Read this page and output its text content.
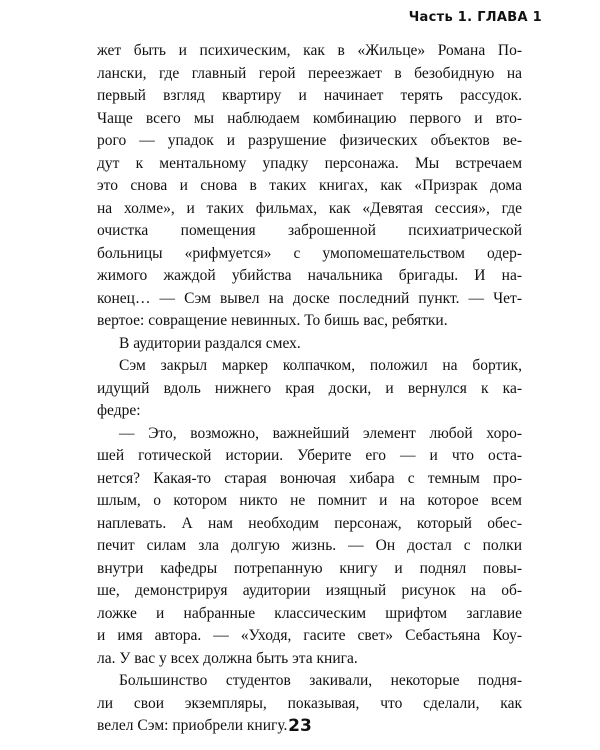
Часть 1. ГЛАВА 1
жет быть и психическим, как в «Жильце» Романа По-
лански, где главный герой переезжает в безобидную на
первый взгляд квартиру и начинает терять рассудок.
Чаще всего мы наблюдаем комбинацию первого и вто-
рого — упадок и разрушение физических объектов ве-
дут к ментальному упадку персонажа. Мы встречаем
это снова и снова в таких книгах, как «Призрак дома
на холме», и таких фильмах, как «Девятая сессия», где
очистка помещения заброшенной психиатрической
больницы «рифмуется» с умопомешательством одер-
жимого жаждой убийства начальника бригады. И на-
конец… — Сэм вывел на доске последний пункт. — Чет-
вертое: совращение невинных. То бишь вас, ребятки.
В аудитории раздался смех.
Сэм закрыл маркер колпачком, положил на бортик,
идущий вдоль нижнего края доски, и вернулся к ка-
федре:
— Это, возможно, важнейший элемент любой хоро-
шей готической истории. Уберите его — и что оста-
нется? Какая-то старая вонючая хибара с темным про-
шлым, о котором никто не помнит и на которое всем
наплевать. А нам необходим персонаж, который обес-
печит силам зла долгую жизнь. — Он достал с полки
внутри кафедры потрепанную книгу и поднял повы-
ше, демонстрируя аудитории изящный рисунок на об-
ложке и набранные классическим шрифтом заглавие
и имя автора. — «Уходя, гасите свет» Себастьяна Коу-
ла. У вас у всех должна быть эта книга.
Большинство студентов закивали, некоторые подня-
ли свои экземпляры, показывая, что сделали, как
велел Сэм: приобрели книгу. 23
